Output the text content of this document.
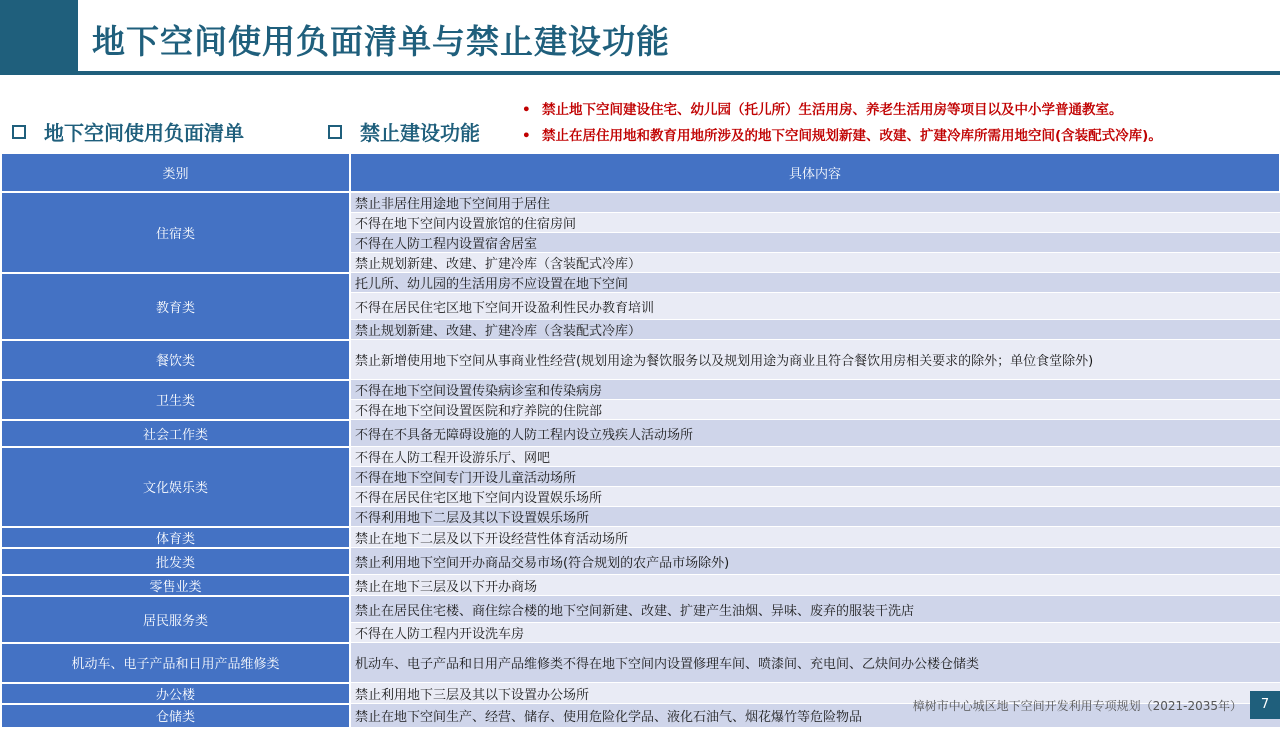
地下空间使用负面清单与禁止建设功能
地下空间使用负面清单	禁止建设功能
• 禁止地下空间建设住宅、幼儿园（托儿所）生活用房、养老生活用房等项目以及中小学普通教室。
• 禁止在居住用地和教育用地所涉及的地下空间规划新建、改建、扩建冷库所需用地空间(含装配式冷库)。
类别	具体内容
住宿类	禁止非居住用途地下空间用于居住
	不得在地下空间内设置旅馆的住宿房间
	不得在人防工程内设置宿舍居室
	禁止规划新建、改建、扩建冷库（含装配式冷库）
教育类	托儿所、幼儿园的生活用房不应设置在地下空间
	不得在居民住宅区地下空间开设盈利性民办教育培训
	禁止规划新建、改建、扩建冷库（含装配式冷库）
餐饮类	禁止新增使用地下空间从事商业性经营(规划用途为餐饮服务以及规划用途为商业且符合餐饮用房相关要求的除外；单位食堂除外)
卫生类	不得在地下空间设置传染病诊室和传染病房
	不得在地下空间设置医院和疗养院的住院部
社会工作类	不得在不具备无障碍设施的人防工程内设立残疾人活动场所
文化娱乐类	不得在人防工程开设游乐厅、网吧
	不得在地下空间专门开设儿童活动场所
	不得在居民住宅区地下空间内设置娱乐场所
	不得利用地下二层及其以下设置娱乐场所
体育类	禁止在地下二层及以下开设经营性体育活动场所
批发类	禁止利用地下空间开办商品交易市场(符合规划的农产品市场除外)
零售业类	禁止在地下三层及以下开办商场
居民服务类	禁止在居民住宅楼、商住综合楼的地下空间新建、改建、扩建产生油烟、异味、废弃的服装干洗店
	不得在人防工程内开设洗车房
机动车、电子产品和日用产品维修类	机动车、电子产品和日用产品维修类不得在地下空间内设置修理车间、喷漆间、充电间、乙炔间办公楼仓储类
办公楼	禁止利用地下三层及其以下设置办公场所
仓储类	禁止在地下空间生产、经营、储存、使用危险化学品、液化石油气、烟花爆竹等危险物品
樟树市中心城区地下空间开发利用专项规划（2021-2035年）	7
